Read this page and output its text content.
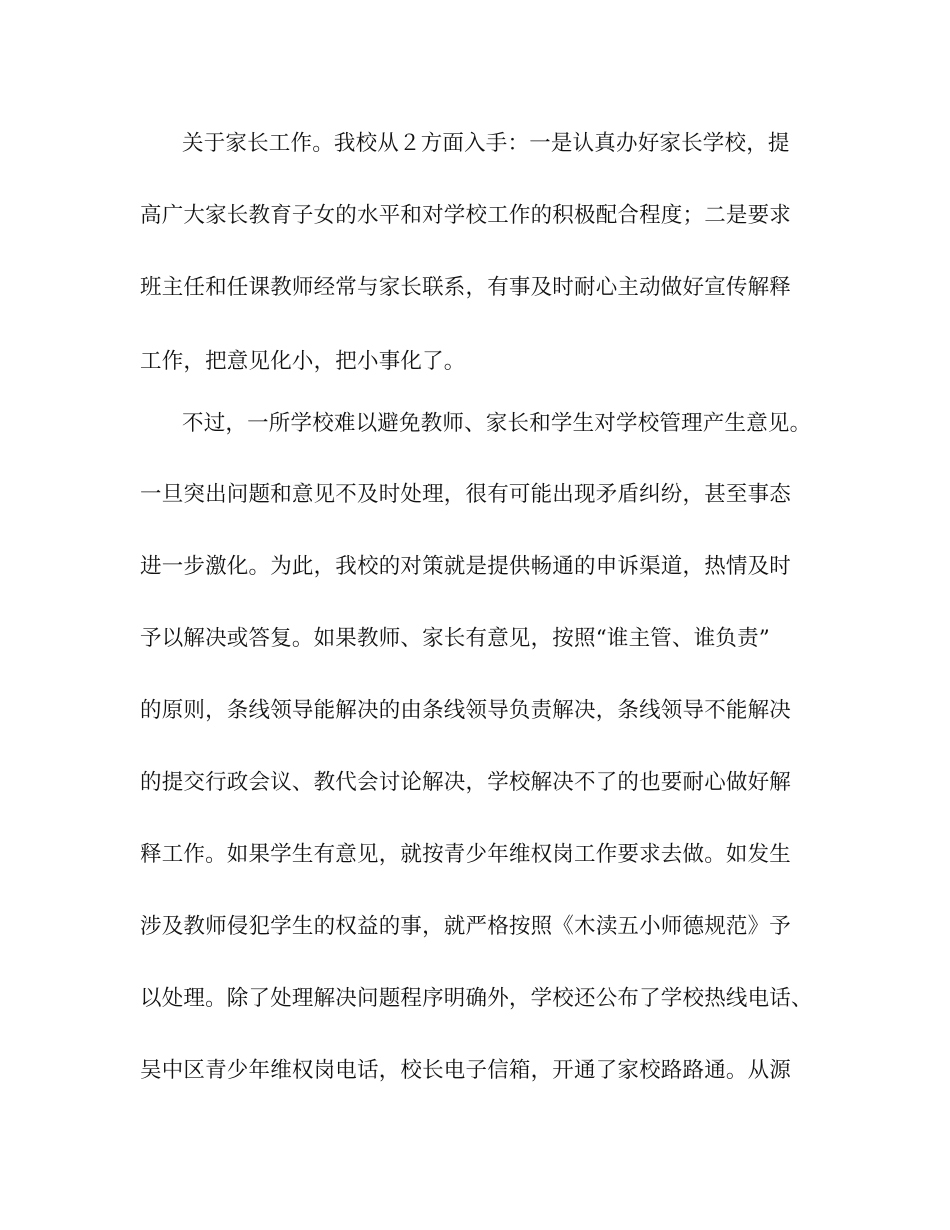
关于家长工作。我校从２方面入手：一是认真办好家长学校，提
高广大家长教育子女的水平和对学校工作的积极配合程度；二是要求
班主任和任课教师经常与家长联系，有事及时耐心主动做好宣传解释
工作，把意见化小，把小事化了。
不过，一所学校难以避免教师、家长和学生对学校管理产生意见。
一旦突出问题和意见不及时处理，很有可能出现矛盾纠纷，甚至事态
进一步激化。为此，我校的对策就是提供畅通的申诉渠道，热情及时
予以解决或答复。如果教师、家长有意见，按照“谁主管、谁负责”
的原则，条线领导能解决的由条线领导负责解决，条线领导不能解决
的提交行政会议、教代会讨论解决，学校解决不了的也要耐心做好解
释工作。如果学生有意见，就按青少年维权岗工作要求去做。如发生
涉及教师侵犯学生的权益的事，就严格按照《木渎五小师德规范》予
以处理。除了处理解决问题程序明确外，学校还公布了学校热线电话、
吴中区青少年维权岗电话，校长电子信箱，开通了家校路路通。从源
